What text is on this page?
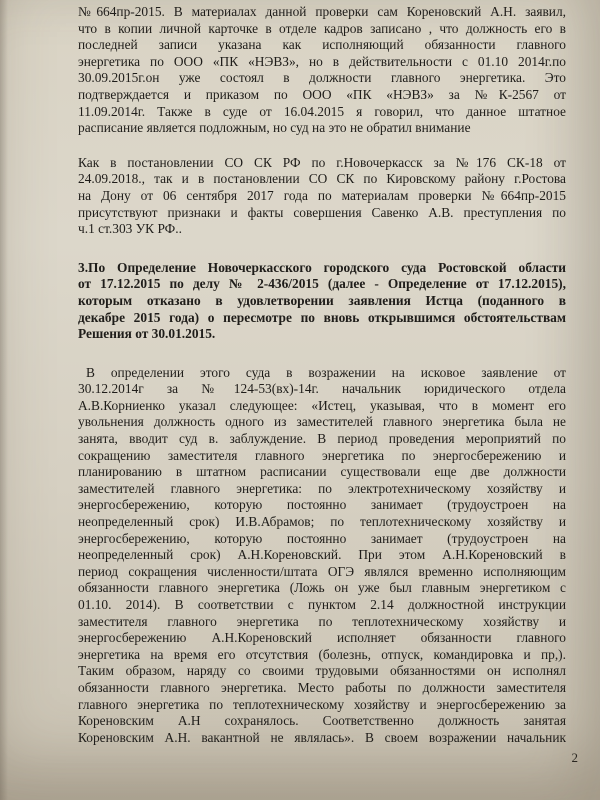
№664пр-2015. В материалах данной проверки сам Кореновский А.Н. заявил,
что в копии личной карточке в отделе кадров записано , что должность его в
последней записи указана как исполняющий обязанности главного
энергетика по ООО «ПК «НЭВЗ», но в действительности с 01.10 2014г.по
30.09.2015г.он уже состоял в должности главного энергетика. Это
подтверждается и приказом по ООО «ПК «НЭВЗ» за №К-2567 от
11.09.2014г. Также в суде от 16.04.2015 я говорил, что данное штатное
расписание является подложным, но суд на это не обратил внимание
Как в постановлении СО СК РФ по г.Новочеркасск за №176 СК-18 от
24.09.2018., так и в постановлении СО СК по Кировскому району г.Ростова
на Дону от 06 сентября 2017 года по материалам проверки №664пр-2015
присутствуют признаки и факты совершения Савенко А.В. преступления по
ч.1 ст.303 УК РФ..
3.По Определение Новочеркасского городского суда Ростовской области
от 17.12.2015 по делу № 2-436/2015 (далее - Определение от 17.12.2015),
которым отказано в удовлетворении заявления Истца (поданного в
декабре 2015 года) о пересмотре по вновь открывшимся обстоятельствам
Решения от 30.01.2015.
В определении этого суда в возражении на исковое заявление от
30.12.2014г за №124-53(вх)-14г. начальник юридического отдела
А.В.Корниенко указал следующее: «Истец, указывая, что в момент его
увольнения должность одного из заместителей главного энергетика была не
занята, вводит суд в. заблуждение. В период проведения мероприятий по
сокращению заместителя главного энергетика по энергосбережению и
планированию в штатном расписании существовали еще две должности
заместителей главного энергетика: по электротехническому хозяйству и
энергосбережению, которую постоянно занимает (трудоустроен на
неопределенный срок) И.В.Абрамов; по теплотехническому хозяйству и
энергосбережению, которую постоянно занимает (трудоустроен на
неопределенный срок) А.Н.Кореновский. При этом А.Н.Кореновский в
период сокращения численности/штата ОГЭ являлся временно исполняющим
обязанности главного энергетика (Ложь он уже был главным энергетиком с
01.10. 2014). В соответствии с пунктом 2.14 должностной инструкции
заместителя главного энергетика по теплотехническому хозяйству и
энергосбережению А.Н.Кореновский исполняет обязанности главного
энергетика на время его отсутствия (болезнь, отпуск, командировка и пр,).
Таким образом, наряду со своими трудовыми обязанностями он исполнял
обязанности главного энергетика. Место работы по должности заместителя
главного энергетика по теплотехническому хозяйству и энергосбережению за
Кореновским А.Н сохранялось. Соответственно должность занятая
Кореновским А.Н. вакантной не являлась». В своем возражении начальник
2
